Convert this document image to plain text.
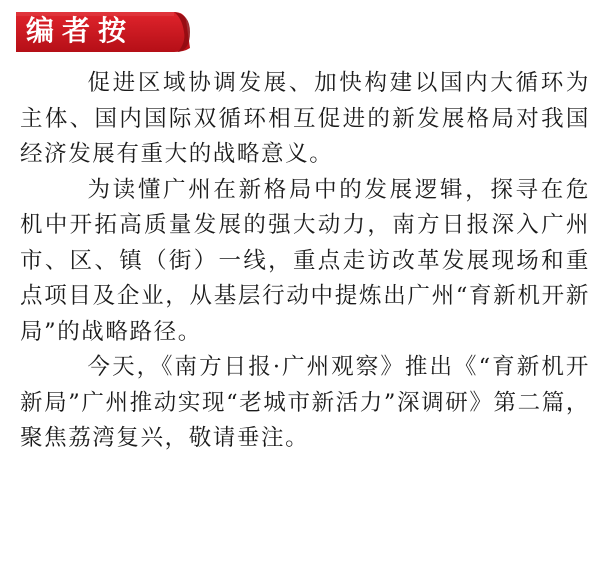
编者按

促进区域协调发展、加快构建以国内大循环为主体、国内国际双循环相互促进的新发展格局对我国经济发展有重大的战略意义。

为读懂广州在新格局中的发展逻辑，探寻在危机中开拓高质量发展的强大动力，南方日报深入广州市、区、镇（街）一线，重点走访改革发展现场和重点项目及企业，从基层行动中提炼出广州“育新机开新局”的战略路径。

今天，《南方日报·广州观察》推出《“育新机开新局”广州推动实现“老城市新活力”深调研》第二篇，聚焦荔湾复兴，敬请垂注。
